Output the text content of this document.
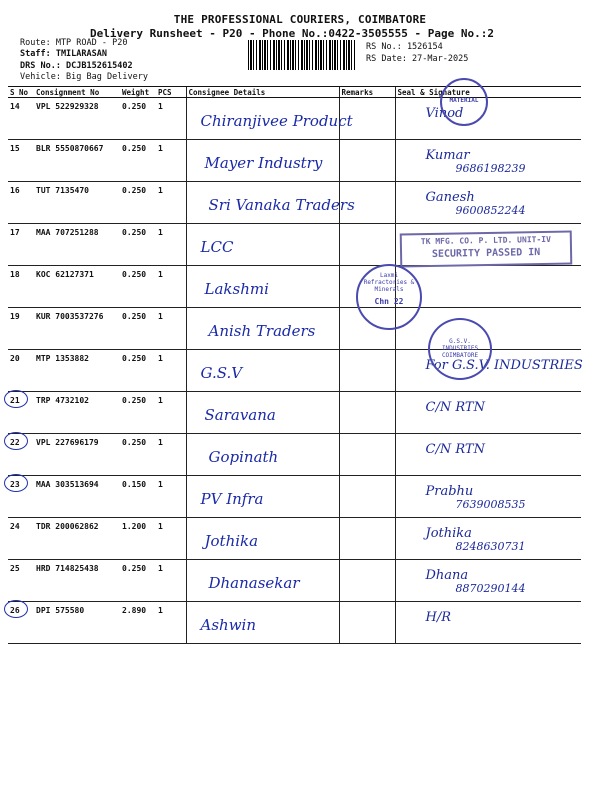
THE PROFESSIONAL COURIERS, COIMBATORE
Delivery Runsheet - P20 - Phone No.:0422-3505555 - Page No.:2
Route: MTP ROAD - P20
Staff: TMILARASAN
DRS No.: DCJB152615402
Vehicle: Big Bag Delivery
RS No.: 1526154
RS Date: 27-Mar-2025
S No	Consignment No	Weight	PCS	Consignee Details	Remarks	Seal & Signature
14	VPL 522929328	0.250	1	Chiranjivee Product		Vinod

15	BLR 5550870667	0.250	1	Mayer Industry		Kumar
9686198239

16	TUT 7135470	0.250	1	Sri Vanaka Traders		Ganesh
9600852244

17	MAA 707251288	0.250	1	LCC		

18	KOC 62127371	0.250	1	Lakshmi		

19	KUR 7003537276	0.250	1	Anish Traders		

20	MTP 1353882	0.250	1	G.S.V		For G.S.V. INDUSTRIES

21	TRP 4732102	0.250	1	Saravana		C/N RTN

22	VPL 227696179	0.250	1	Gopinath		C/N RTN

23	MAA 303513694	0.150	1	PV Infra		Prabhu
7639008535

24	TDR 200062862	1.200	1	Jothika		Jothika
8248630731

25	HRD 714825438	0.250	1	Dhanasekar		Dhana
8870290144

26	DPI 575580	2.890	1	Ashwin		H/R
TK MFG. CO. P. LTD. UNIT-IV
SECURITY PASSED IN
Laxmi Refractories & Minerals
Chn 22
G.S.V. INDUSTRIES COIMBATORE
MATERIAL
